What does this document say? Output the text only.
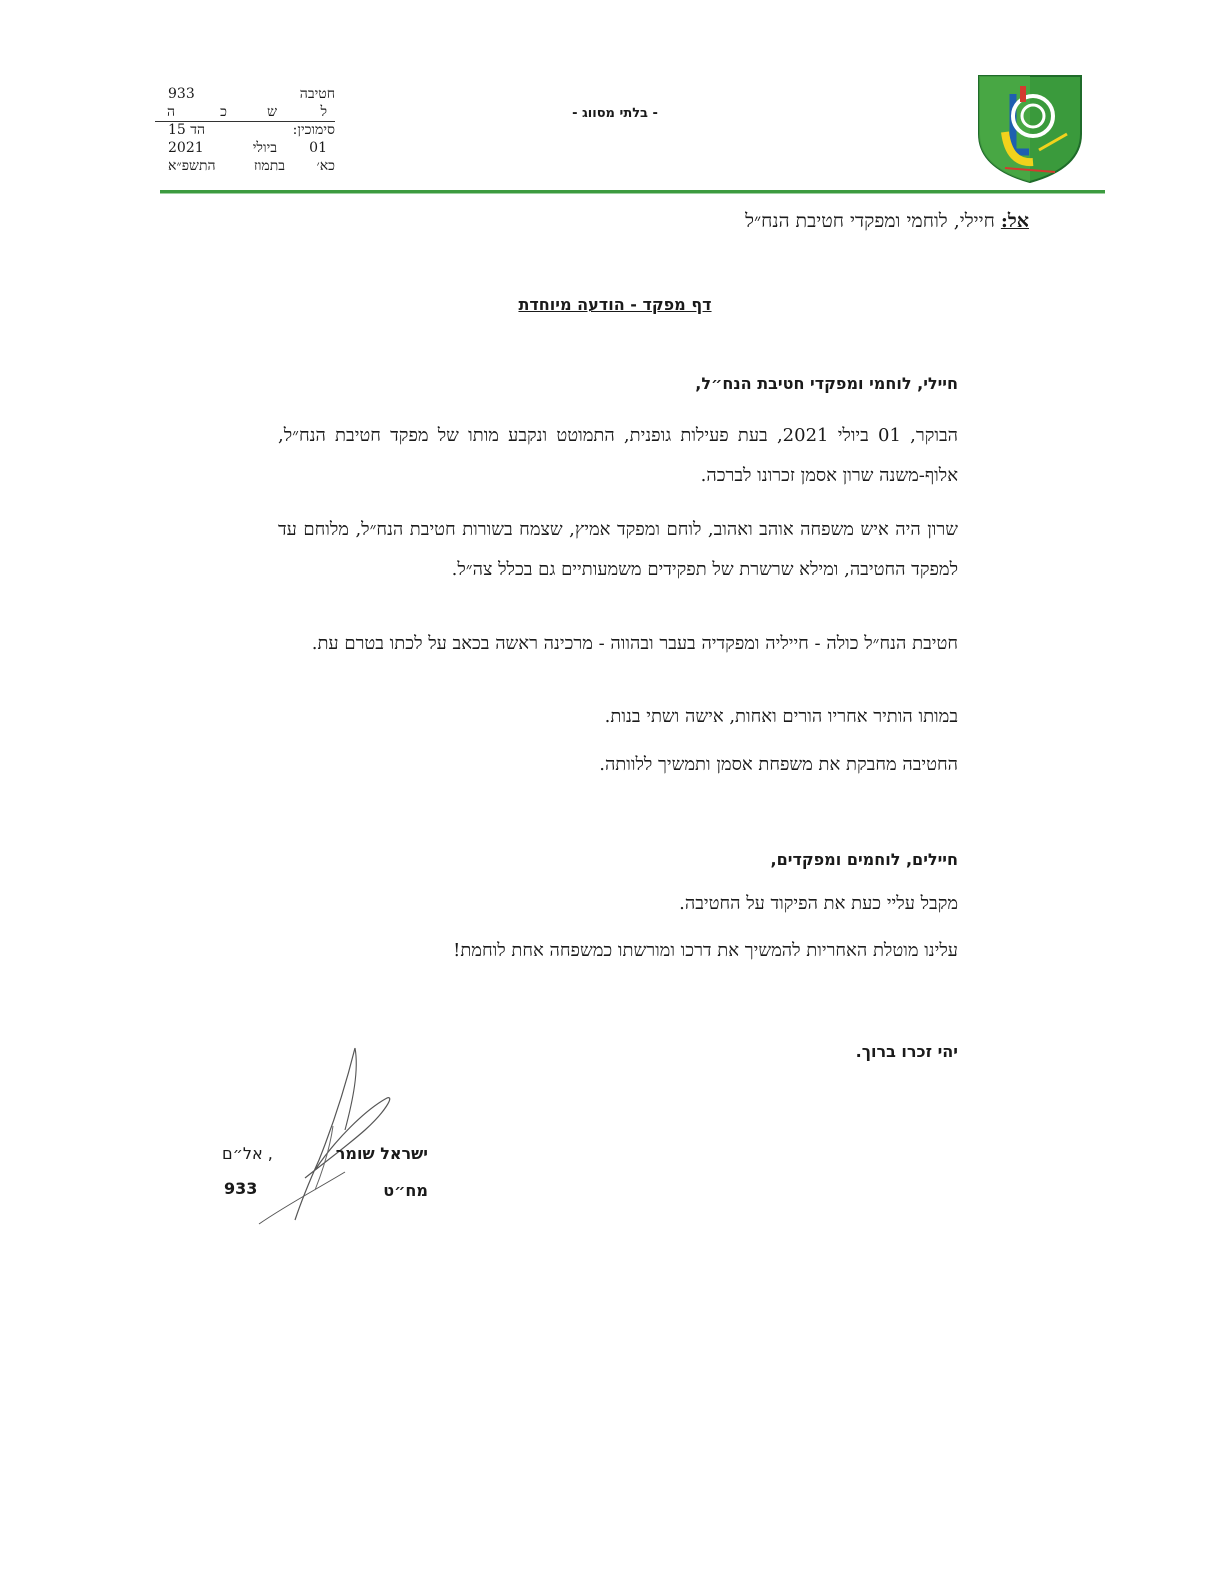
חטיבה
933
ל
ש
כ
ה
סימוכין:
הד 15
01
ביולי
2021
כא׳
בתמוז
התשפ״א
- בלתי מסווג -
אל: חיילי, לוחמי ומפקדי חטיבת הנח״ל
דף מפקד - הודעה מיוחדת
חיילי, לוחמי ומפקדי חטיבת הנח״ל,
הבוקר, 01 ביולי 2021, בעת פעילות גופנית, התמוטט ונקבע מותו של מפקד חטיבת הנח״ל, אלוף-משנה שרון אסמן זכרונו לברכה.
שרון היה איש משפחה אוהב ואהוב, לוחם ומפקד אמיץ, שצמח בשורות חטיבת הנח״ל, מלוחם עד למפקד החטיבה, ומילא שרשרת של תפקידים משמעותיים גם בכלל צה״ל.
חטיבת הנח״ל כולה - חייליה ומפקדיה בעבר ובהווה - מרכינה ראשה בכאב על לכתו בטרם עת.
במותו הותיר אחריו הורים ואחות, אישה ושתי בנות.
החטיבה מחבקת את משפחת אסמן ותמשיך ללוותה.
חיילים, לוחמים ומפקדים,
מקבל עליי כעת את הפיקוד על החטיבה.
עלינו מוטלת האחריות להמשיך את דרכו ומורשתו כמשפחה אחת לוחמת!
יהי זכרו ברוך.
ישראל שומר
, אל״ם
מח״ט
933
